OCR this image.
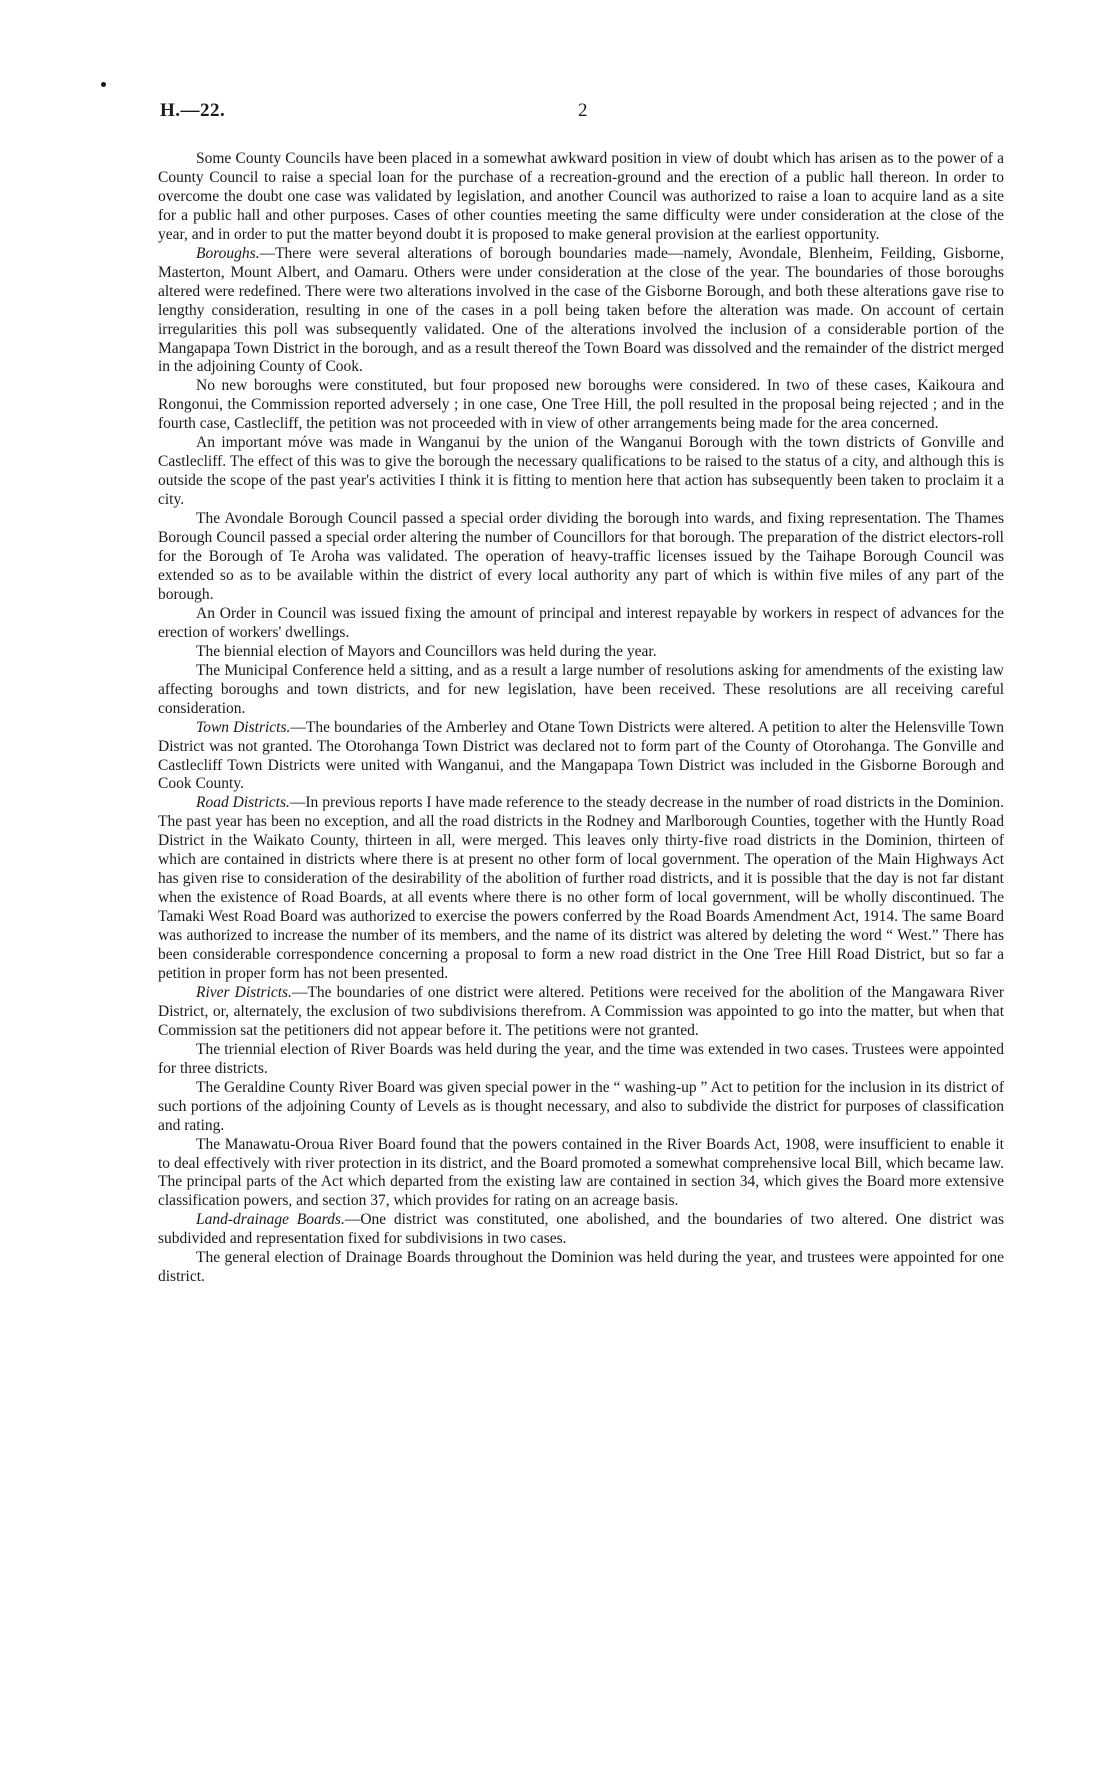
H.—22.	2

Some County Councils have been placed in a somewhat awkward position in view of doubt which has arisen as to the power of a County Council to raise a special loan for the purchase of a recreation-ground and the erection of a public hall thereon. In order to overcome the doubt one case was validated by legislation, and another Council was authorized to raise a loan to acquire land as a site for a public hall and other purposes. Cases of other counties meeting the same difficulty were under consideration at the close of the year, and in order to put the matter beyond doubt it is proposed to make general provision at the earliest opportunity.

Boroughs.—There were several alterations of borough boundaries made—namely, Avondale, Blenheim, Feilding, Gisborne, Masterton, Mount Albert, and Oamaru. Others were under consideration at the close of the year. The boundaries of those boroughs altered were redefined. There were two alterations involved in the case of the Gisborne Borough, and both these alterations gave rise to lengthy consideration, resulting in one of the cases in a poll being taken before the alteration was made. On account of certain irregularities this poll was subsequently validated. One of the alterations involved the inclusion of a considerable portion of the Mangapapa Town District in the borough, and as a result thereof the Town Board was dissolved and the remainder of the district merged in the adjoining County of Cook.

No new boroughs were constituted, but four proposed new boroughs were considered. In two of these cases, Kaikoura and Rongonui, the Commission reported adversely ; in one case, One Tree Hill, the poll resulted in the proposal being rejected ; and in the fourth case, Castlecliff, the petition was not proceeded with in view of other arrangements being made for the area concerned.

An important móve was made in Wanganui by the union of the Wanganui Borough with the town districts of Gonville and Castlecliff. The effect of this was to give the borough the necessary qualifications to be raised to the status of a city, and although this is outside the scope of the past year's activities I think it is fitting to mention here that action has subsequently been taken to proclaim it a city.

The Avondale Borough Council passed a special order dividing the borough into wards, and fixing representation. The Thames Borough Council passed a special order altering the number of Councillors for that borough. The preparation of the district electors-roll for the Borough of Te Aroha was validated. The operation of heavy-traffic licenses issued by the Taihape Borough Council was extended so as to be available within the district of every local authority any part of which is within five miles of any part of the borough.

An Order in Council was issued fixing the amount of principal and interest repayable by workers in respect of advances for the erection of workers' dwellings.

The biennial election of Mayors and Councillors was held during the year.

The Municipal Conference held a sitting, and as a result a large number of resolutions asking for amendments of the existing law affecting boroughs and town districts, and for new legislation, have been received. These resolutions are all receiving careful consideration.

Town Districts.—The boundaries of the Amberley and Otane Town Districts were altered. A petition to alter the Helensville Town District was not granted. The Otorohanga Town District was declared not to form part of the County of Otorohanga. The Gonville and Castlecliff Town Districts were united with Wanganui, and the Mangapapa Town District was included in the Gisborne Borough and Cook County.

Road Districts.—In previous reports I have made reference to the steady decrease in the number of road districts in the Dominion. The past year has been no exception, and all the road districts in the Rodney and Marlborough Counties, together with the Huntly Road District in the Waikato County, thirteen in all, were merged. This leaves only thirty-five road districts in the Dominion, thirteen of which are contained in districts where there is at present no other form of local government. The operation of the Main Highways Act has given rise to consideration of the desirability of the abolition of further road districts, and it is possible that the day is not far distant when the existence of Road Boards, at all events where there is no other form of local government, will be wholly discontinued. The Tamaki West Road Board was authorized to exercise the powers conferred by the Road Boards Amendment Act, 1914. The same Board was authorized to increase the number of its members, and the name of its district was altered by deleting the word “ West.” There has been considerable correspondence concerning a proposal to form a new road district in the One Tree Hill Road District, but so far a petition in proper form has not been presented.

River Districts.—The boundaries of one district were altered. Petitions were received for the abolition of the Mangawara River District, or, alternately, the exclusion of two subdivisions therefrom. A Commission was appointed to go into the matter, but when that Commission sat the petitioners did not appear before it. The petitions were not granted.

The triennial election of River Boards was held during the year, and the time was extended in two cases. Trustees were appointed for three districts.

The Geraldine County River Board was given special power in the “ washing-up ” Act to petition for the inclusion in its district of such portions of the adjoining County of Levels as is thought necessary, and also to subdivide the district for purposes of classification and rating.

The Manawatu-Oroua River Board found that the powers contained in the River Boards Act, 1908, were insufficient to enable it to deal effectively with river protection in its district, and the Board promoted a somewhat comprehensive local Bill, which became law. The principal parts of the Act which departed from the existing law are contained in section 34, which gives the Board more extensive classification powers, and section 37, which provides for rating on an acreage basis.

Land-drainage Boards.—One district was constituted, one abolished, and the boundaries of two altered. One district was subdivided and representation fixed for subdivisions in two cases.

The general election of Drainage Boards throughout the Dominion was held during the year, and trustees were appointed for one district.
